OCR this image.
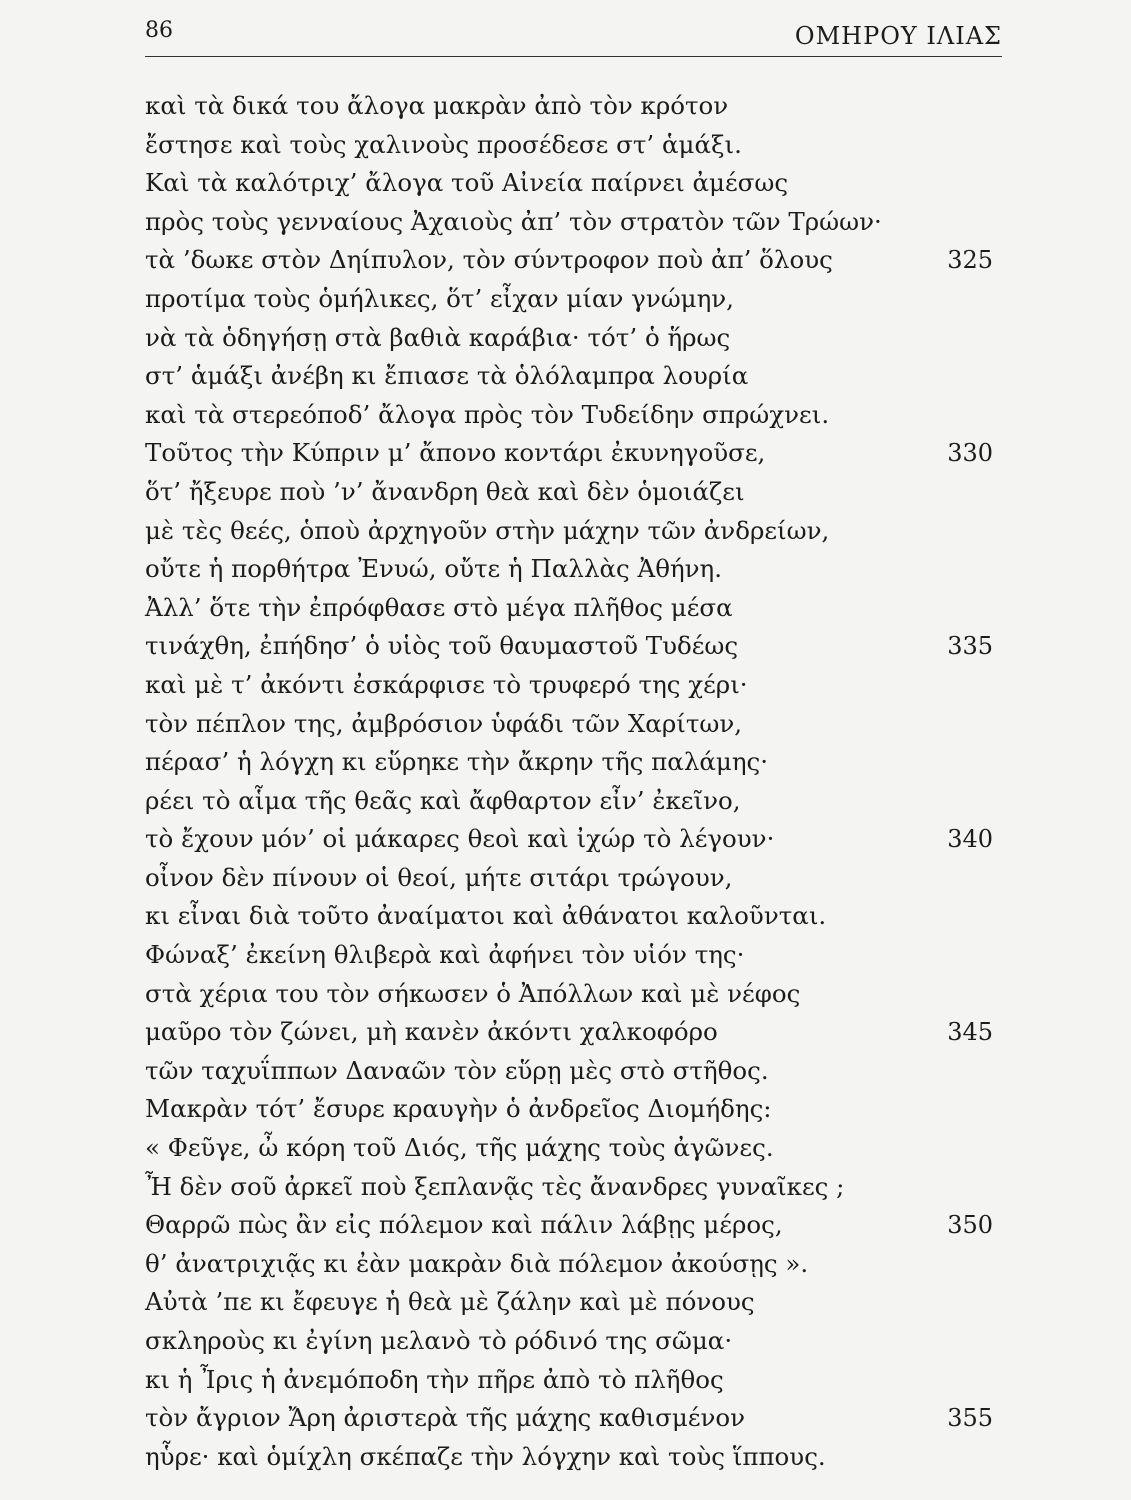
86	ΟΜΗΡΟΥ ΙΛΙΑΣ
καὶ τὰ δικά του ἄλογα μακρὰν ἀπὸ τὸν κρότον
ἔστησε καὶ τοὺς χαλινοὺς προσέδεσε στ’ ἁμάξι.
Καὶ τὰ καλότριχ’ ἄλογα τοῦ Αἰνεία παίρνει ἀμέσως
πρὸς τοὺς γενναίους Ἀχαιοὺς ἀπ’ τὸν στρατὸν τῶν Τρώων·
τὰ ’δωκε στὸν Δηίπυλον, τὸν σύντροφον ποὺ ἀπ’ ὅλους	325
προτίμα τοὺς ὁμήλικες, ὅτ’ εἶχαν μίαν γνώμην,
νὰ τὰ ὁδηγήσῃ στὰ βαθιὰ καράβια· τότ’ ὁ ἥρως
στ’ ἁμάξι ἀνέβη κι ἔπιασε τὰ ὁλόλαμπρα λουρία
καὶ τὰ στερεόποδ’ ἄλογα πρὸς τὸν Τυδείδην σπρώχνει.
Τοῦτος τὴν Κύπριν μ’ ἄπονο κοντάρι ἐκυνηγοῦσε,	330
ὅτ’ ἤξευρε ποὺ ’ν’ ἄνανδρη θεὰ καὶ δὲν ὁμοιάζει
μὲ τὲς θεές, ὁποὺ ἀρχηγοῦν στὴν μάχην τῶν ἀνδρείων,
οὔτε ἡ πορθήτρα Ἐνυώ, οὔτε ἡ Παλλὰς Ἀθήνη.
Ἀλλ’ ὅτε τὴν ἐπρόφθασε στὸ μέγα πλῆθος μέσα
τινάχθη, ἐπήδησ’ ὁ υἱὸς τοῦ θαυμαστοῦ Τυδέως	335
καὶ μὲ τ’ ἀκόντι ἐσκάρφισε τὸ τρυφερό της χέρι·
τὸν πέπλον της, ἀμβρόσιον ὑφάδι τῶν Χαρίτων,
πέρασ’ ἡ λόγχη κι εὕρηκε τὴν ἄκρην τῆς παλάμης·
ρέει τὸ αἷμα τῆς θεᾶς καὶ ἄφθαρτον εἶν’ ἐκεῖνο,
τὸ ἔχουν μόν’ οἱ μάκαρες θεοὶ καὶ ἰχώρ τὸ λέγουν·	340
οἶνον δὲν πίνουν οἱ θεοί, μήτε σιτάρι τρώγουν,
κι εἶναι διὰ τοῦτο ἀναίματοι καὶ ἀθάνατοι καλοῦνται.
Φώναξ’ ἐκείνη θλιβερὰ καὶ ἀφήνει τὸν υἱόν της·
στὰ χέρια του τὸν σήκωσεν ὁ Ἀπόλλων καὶ μὲ νέφος
μαῦρο τὸν ζώνει, μὴ κανὲν ἀκόντι χαλκοφόρο	345
τῶν ταχυΐππων Δαναῶν τὸν εὕρῃ μὲς στὸ στῆθος.
Μακρὰν τότ’ ἔσυρε κραυγὴν ὁ ἀνδρεῖος Διομήδης:
« Φεῦγε, ὦ κόρη τοῦ Διός, τῆς μάχης τοὺς ἀγῶνες.
Ἦ δὲν σοῦ ἀρκεῖ ποὺ ξεπλανᾷς τὲς ἄνανδρες γυναῖκες ;
Θαρρῶ πὼς ἂν εἰς πόλεμον καὶ πάλιν λάβῃς μέρος,	350
θ’ ἀνατριχιᾷς κι ἐὰν μακρὰν διὰ πόλεμον ἀκούσῃς ».
Αὐτὰ ’πε κι ἔφευγε ἡ θεὰ μὲ ζάλην καὶ μὲ πόνους
σκληροὺς κι ἐγίνη μελανὸ τὸ ρόδινό της σῶμα·
κι ἡ Ἶρις ἡ ἀνεμόποδη τὴν πῆρε ἀπὸ τὸ πλῆθος
τὸν ἄγριον Ἄρη ἀριστερὰ τῆς μάχης καθισμένον	355
ηὗρε· καὶ ὁμίχλη σκέπαζε τὴν λόγχην καὶ τοὺς ἵππους.
